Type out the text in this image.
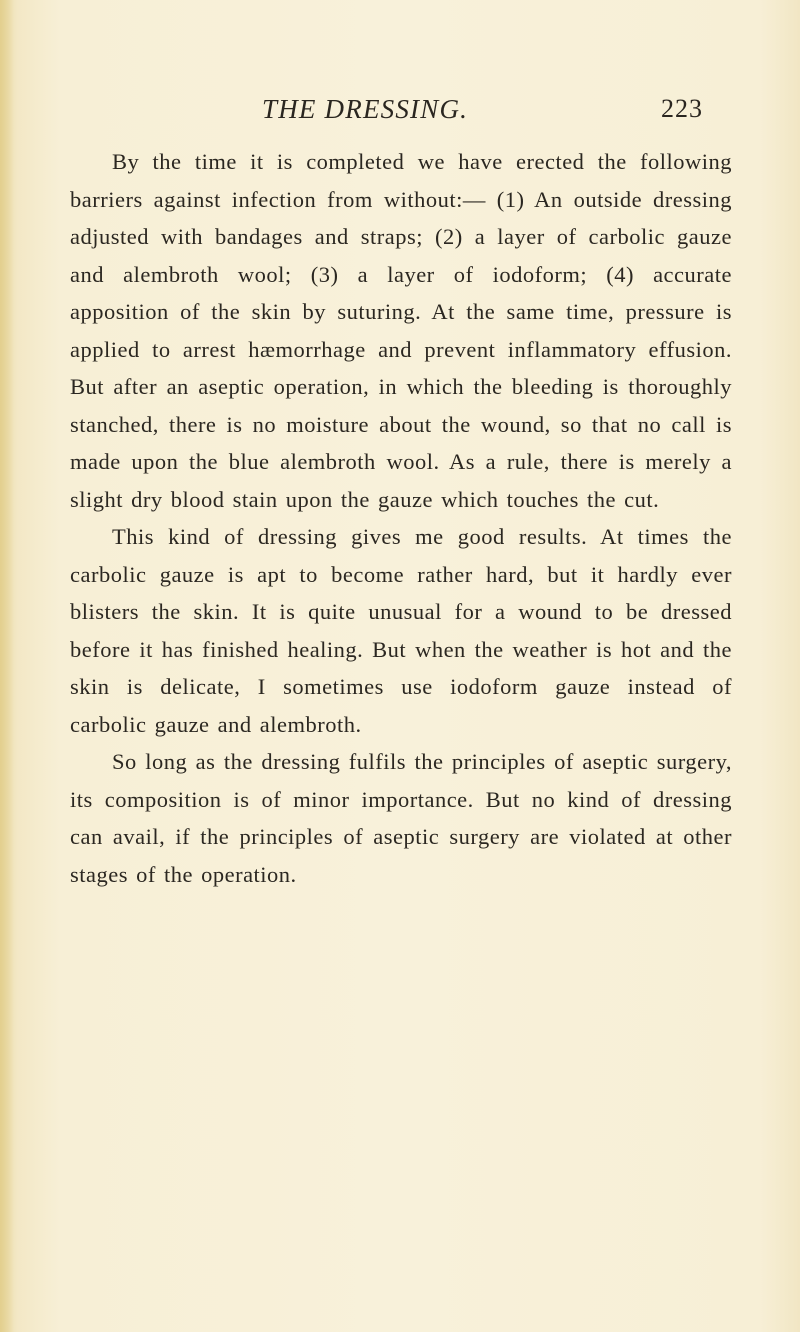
THE DRESSING.	223

By the time it is completed we have erected the following barriers against infection from without:— (1) An outside dressing adjusted with bandages and straps; (2) a layer of carbolic gauze and alembroth wool; (3) a layer of iodoform; (4) accurate apposition of the skin by suturing. At the same time, pressure is applied to arrest hæmorrhage and prevent inflammatory effusion. But after an aseptic operation, in which the bleeding is thoroughly stanched, there is no moisture about the wound, so that no call is made upon the blue alembroth wool. As a rule, there is merely a slight dry blood stain upon the gauze which touches the cut.

This kind of dressing gives me good results. At times the carbolic gauze is apt to become rather hard, but it hardly ever blisters the skin. It is quite unusual for a wound to be dressed before it has finished healing. But when the weather is hot and the skin is delicate, I sometimes use iodoform gauze instead of carbolic gauze and alembroth.

So long as the dressing fulfils the principles of aseptic surgery, its composition is of minor importance. But no kind of dressing can avail, if the principles of aseptic surgery are violated at other stages of the operation.
